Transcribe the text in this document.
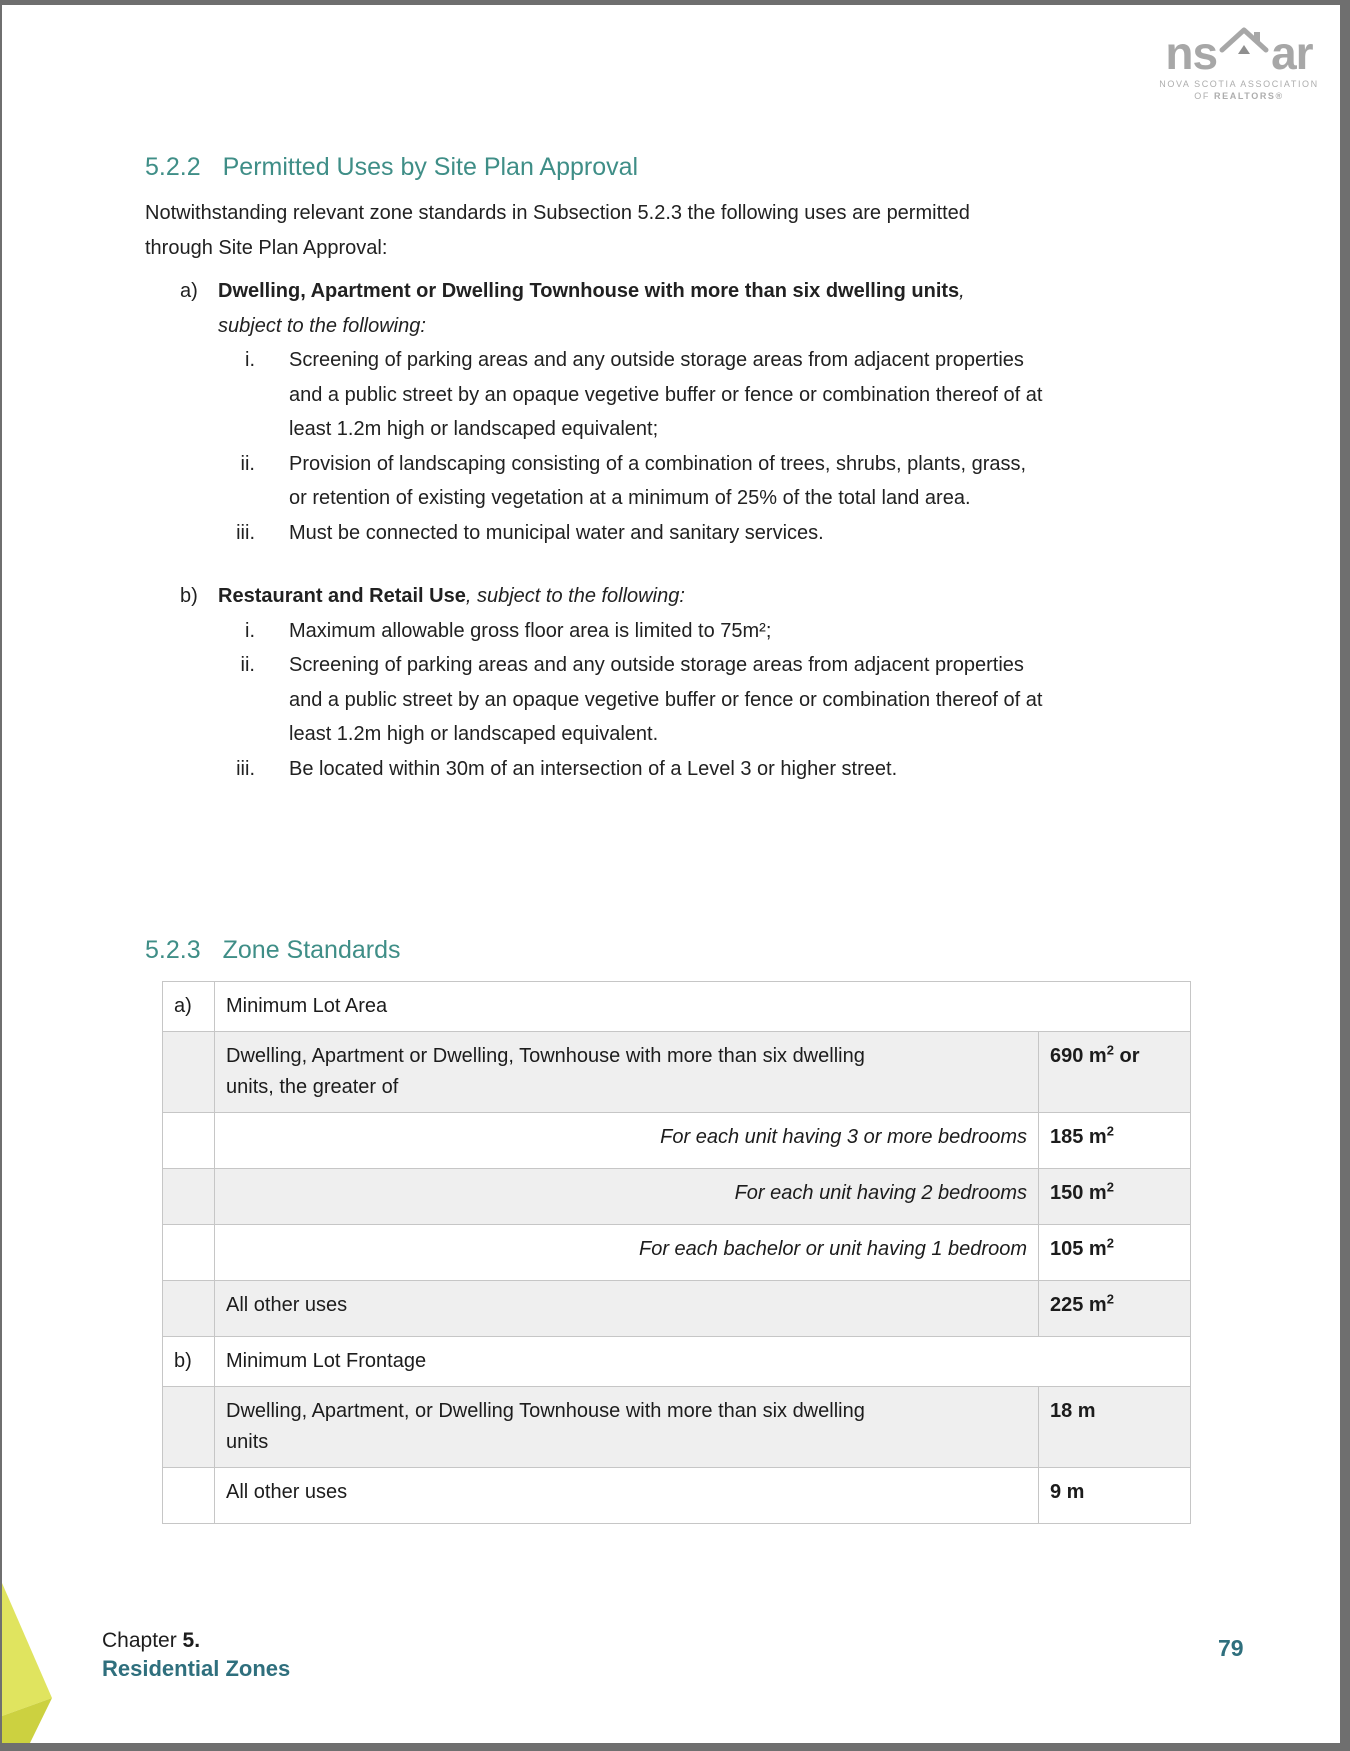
ns ar
NOVA SCOTIA ASSOCIATION
OF REALTORS®
5.2.2 Permitted Uses by Site Plan Approval
Notwithstanding relevant zone standards in Subsection 5.2.3 the following uses are permitted through Site Plan Approval:
a)	Dwelling, Apartment or Dwelling Townhouse with more than six dwelling units, subject to the following:
i. Screening of parking areas and any outside storage areas from adjacent properties and a public street by an opaque vegetive buffer or fence or combination thereof of at least 1.2m high or landscaped equivalent;
ii. Provision of landscaping consisting of a combination of trees, shrubs, plants, grass, or retention of existing vegetation at a minimum of 25% of the total land area.
iii. Must be connected to municipal water and sanitary services.
b)	Restaurant and Retail Use, subject to the following:
i. Maximum allowable gross floor area is limited to 75m²;
ii. Screening of parking areas and any outside storage areas from adjacent properties and a public street by an opaque vegetive buffer or fence or combination thereof of at least 1.2m high or landscaped equivalent.
iii. Be located within 30m of an intersection of a Level 3 or higher street.
5.2.3 Zone Standards
a)	Minimum Lot Area	
	Dwelling, Apartment or Dwelling, Townhouse with more than six dwelling units, the greater of	690 $m^2$ or
	For each unit having 3 or more bedrooms	185 $m^2$
	For each unit having 2 bedrooms	150 $m^2$
	For each bachelor or unit having 1 bedroom	105 $m^2$
	All other uses	225 $m^2$
b)	Minimum Lot Frontage	
	Dwelling, Apartment, or Dwelling Townhouse with more than six dwelling units	18 m
	All other uses	9 m
Chapter 5.
Residential Zones
79
